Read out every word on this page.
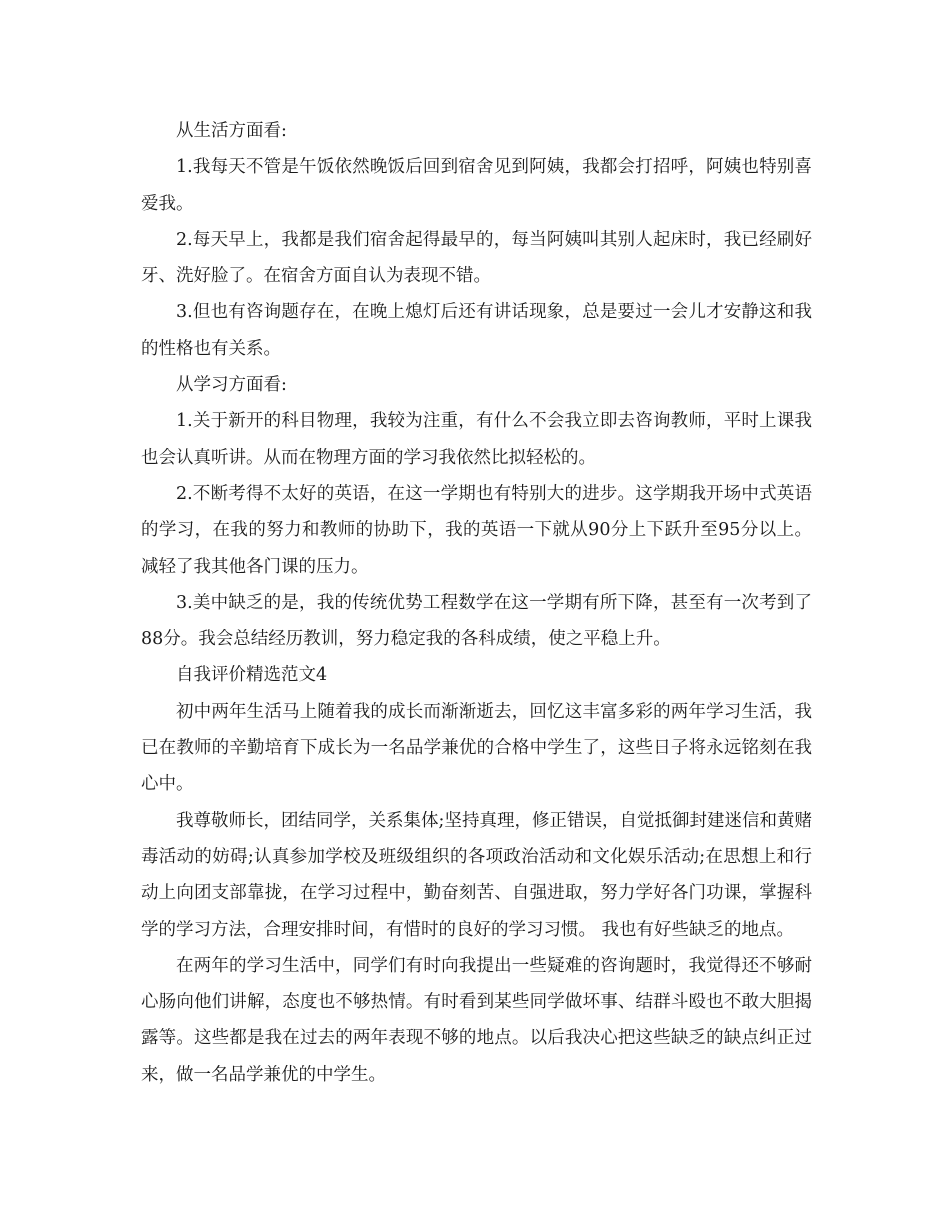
从生活方面看:

1.我每天不管是午饭依然晚饭后回到宿舍见到阿姨，我都会打招呼，阿姨也特别喜爱我。

2.每天早上，我都是我们宿舍起得最早的，每当阿姨叫其别人起床时，我已经刷好牙、洗好脸了。在宿舍方面自认为表现不错。

3.但也有咨询题存在，在晚上熄灯后还有讲话现象，总是要过一会儿才安静这和我的性格也有关系。

从学习方面看:

1.关于新开的科目物理，我较为注重，有什么不会我立即去咨询教师，平时上课我也会认真听讲。从而在物理方面的学习我依然比拟轻松的。

2.不断考得不太好的英语，在这一学期也有特别大的进步。这学期我开场中式英语的学习，在我的努力和教师的协助下，我的英语一下就从90分上下跃升至95分以上。减轻了我其他各门课的压力。

3.美中缺乏的是，我的传统优势工程数学在这一学期有所下降，甚至有一次考到了88分。我会总结经历教训，努力稳定我的各科成绩，使之平稳上升。

自我评价精选范文4

初中两年生活马上随着我的成长而渐渐逝去，回忆这丰富多彩的两年学习生活，我已在教师的辛勤培育下成长为一名品学兼优的合格中学生了，这些日子将永远铭刻在我心中。

我尊敬师长，团结同学，关系集体;坚持真理，修正错误，自觉抵御封建迷信和黄赌毒活动的妨碍;认真参加学校及班级组织的各项政治活动和文化娱乐活动;在思想上和行动上向团支部靠拢，在学习过程中，勤奋刻苦、自强进取，努力学好各门功课，掌握科学的学习方法，合理安排时间，有惜时的良好的学习习惯。 我也有好些缺乏的地点。

在两年的学习生活中，同学们有时向我提出一些疑难的咨询题时，我觉得还不够耐心肠向他们讲解，态度也不够热情。有时看到某些同学做坏事、结群斗殴也不敢大胆揭露等。这些都是我在过去的两年表现不够的地点。以后我决心把这些缺乏的缺点纠正过来，做一名品学兼优的中学生。
